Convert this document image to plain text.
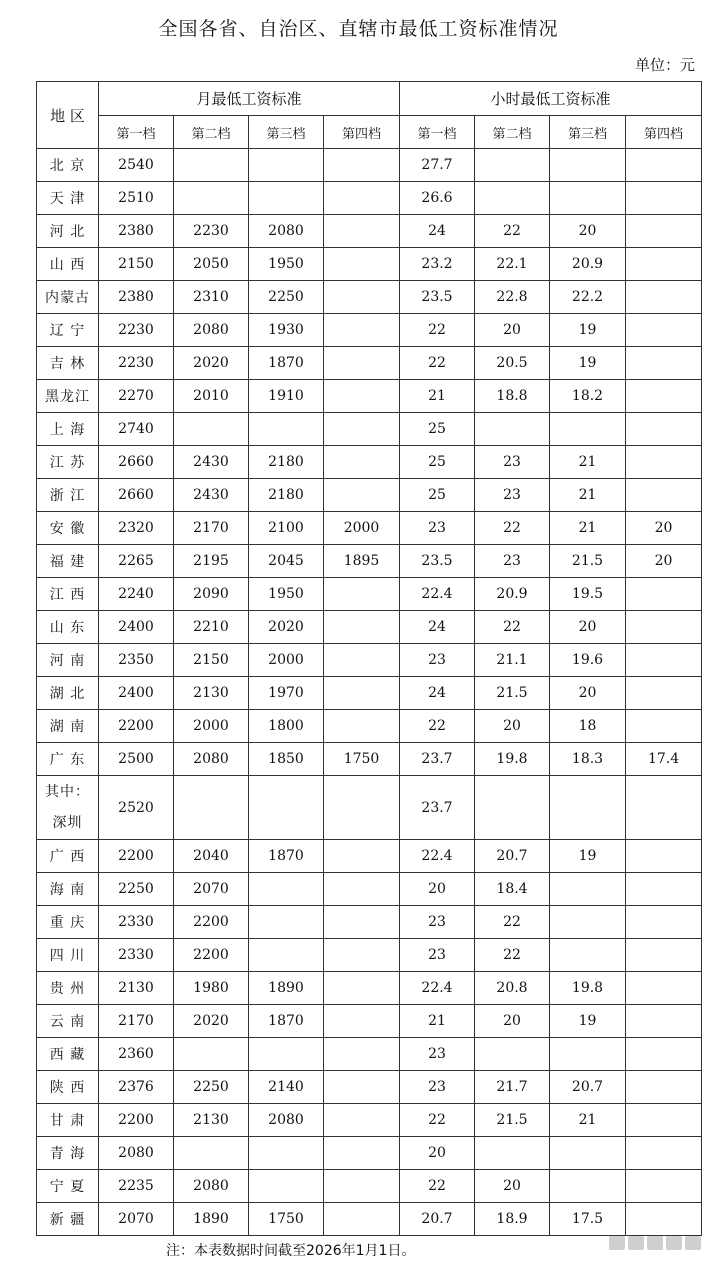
全国各省、自治区、直辖市最低工资标准情况
单位：元
地 区	月最低工资标准				小时最低工资标准			
	第一档	第二档	第三档	第四档	第一档	第二档	第三档	第四档
北 京	2540				27.7			
天 津	2510				26.6			
河 北	2380	2230	2080		24	22	20	
山 西	2150	2050	1950		23.2	22.1	20.9	
内蒙古	2380	2310	2250		23.5	22.8	22.2	
辽 宁	2230	2080	1930		22	20	19	
吉 林	2230	2020	1870		22	20.5	19	
黑龙江	2270	2010	1910		21	18.8	18.2	
上 海	2740				25			
江 苏	2660	2430	2180		25	23	21	
浙 江	2660	2430	2180		25	23	21	
安 徽	2320	2170	2100	2000	23	22	21	20
福 建	2265	2195	2045	1895	23.5	23	21.5	20
江 西	2240	2090	1950		22.4	20.9	19.5	
山 东	2400	2210	2020		24	22	20	
河 南	2350	2150	2000		23	21.1	19.6	
湖 北	2400	2130	1970		24	21.5	20	
湖 南	2200	2000	1800		22	20	18	
广 东	2500	2080	1850	1750	23.7	19.8	18.3	17.4

其中：
深圳	2520				23.7			
广 西	2200	2040	1870		22.4	20.7	19	
海 南	2250	2070			20	18.4		
重 庆	2330	2200			23	22		
四 川	2330	2200			23	22		
贵 州	2130	1980	1890		22.4	20.8	19.8	
云 南	2170	2020	1870		21	20	19	
西 藏	2360				23			
陕 西	2376	2250	2140		23	21.7	20.7	
甘 肃	2200	2130	2080		22	21.5	21	
青 海	2080				20			
宁 夏	2235	2080			22	20		
新 疆	2070	1890	1750		20.7	18.9	17.5	
注：本表数据时间截至2026年1月1日。
